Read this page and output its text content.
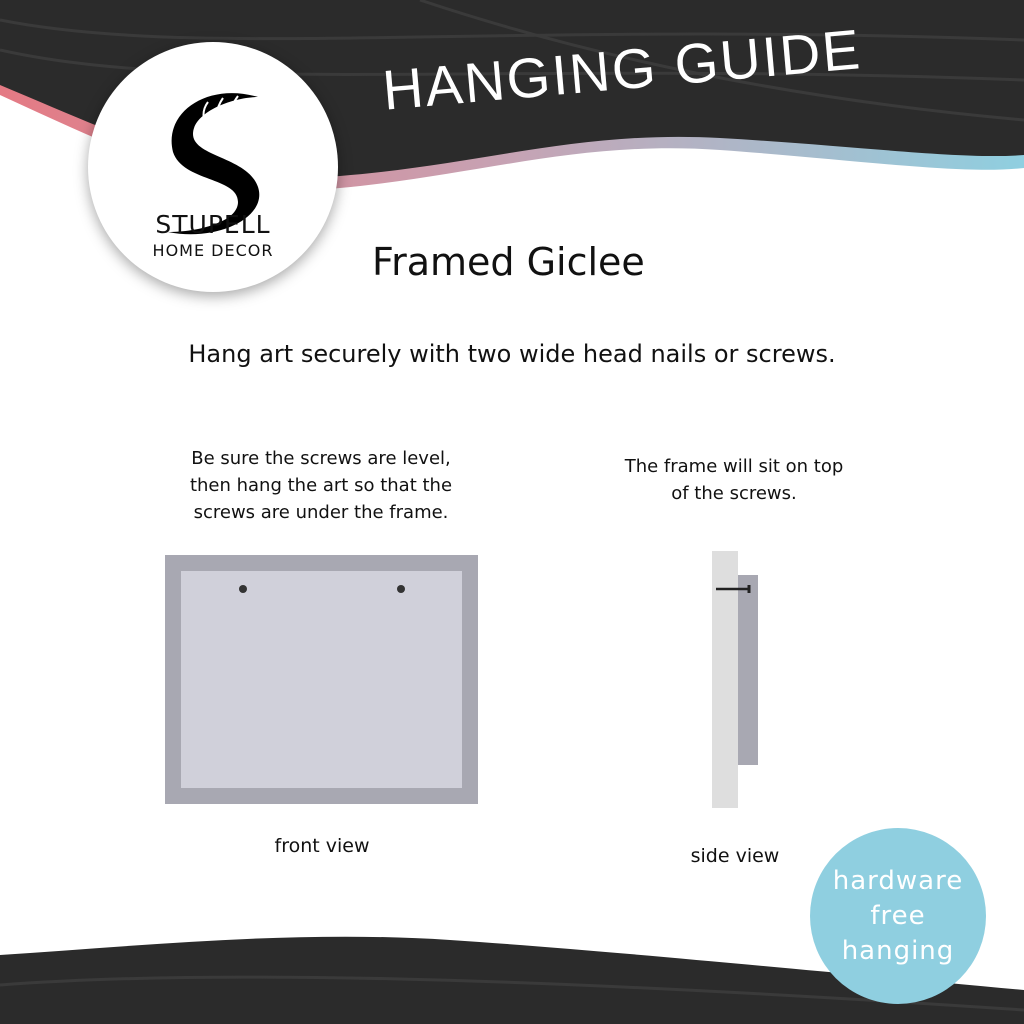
HANGING GUIDE
STUPELL
HOME DECOR	Framed Giclee
Hang art securely with two wide head nails or screws.
Be sure the screws are level,
then hang the art so that the
screws are under the frame.
The frame will sit on top
of the screws.
front view	side view
hardware
free
hanging
